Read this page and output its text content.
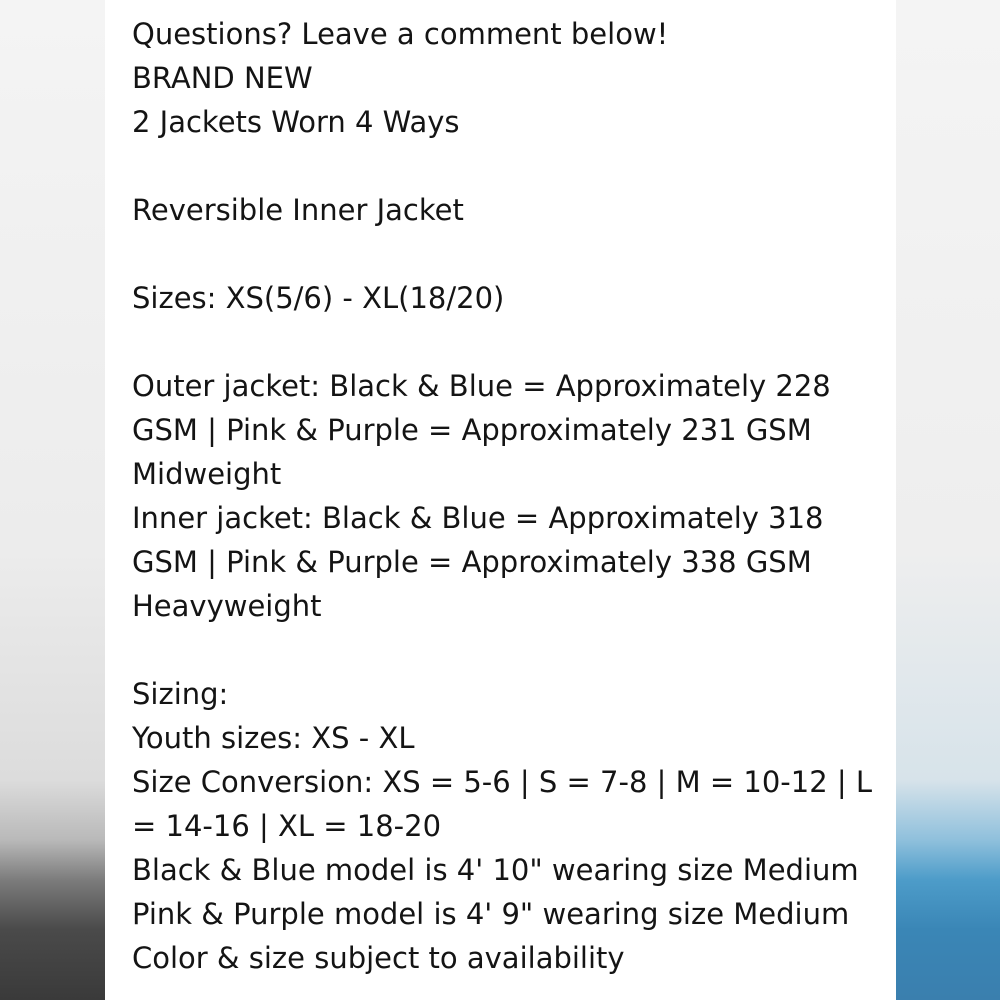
Questions? Leave a comment below!
BRAND NEW
2 Jackets Worn 4 Ways
Reversible Inner Jacket
Sizes: XS(5/6) - XL(18/20)
Outer jacket: Black & Blue = Approximately 228
GSM | Pink & Purple = Approximately 231 GSM
Midweight
Inner jacket: Black & Blue = Approximately 318
GSM | Pink & Purple = Approximately 338 GSM
Heavyweight
Sizing:
Youth sizes: XS - XL
Size Conversion: XS = 5-6 | S = 7-8 | M = 10-12 | L
= 14-16 | XL = 18-20
Black & Blue model is 4' 10" wearing size Medium
Pink & Purple model is 4' 9" wearing size Medium
Color & size subject to availability
